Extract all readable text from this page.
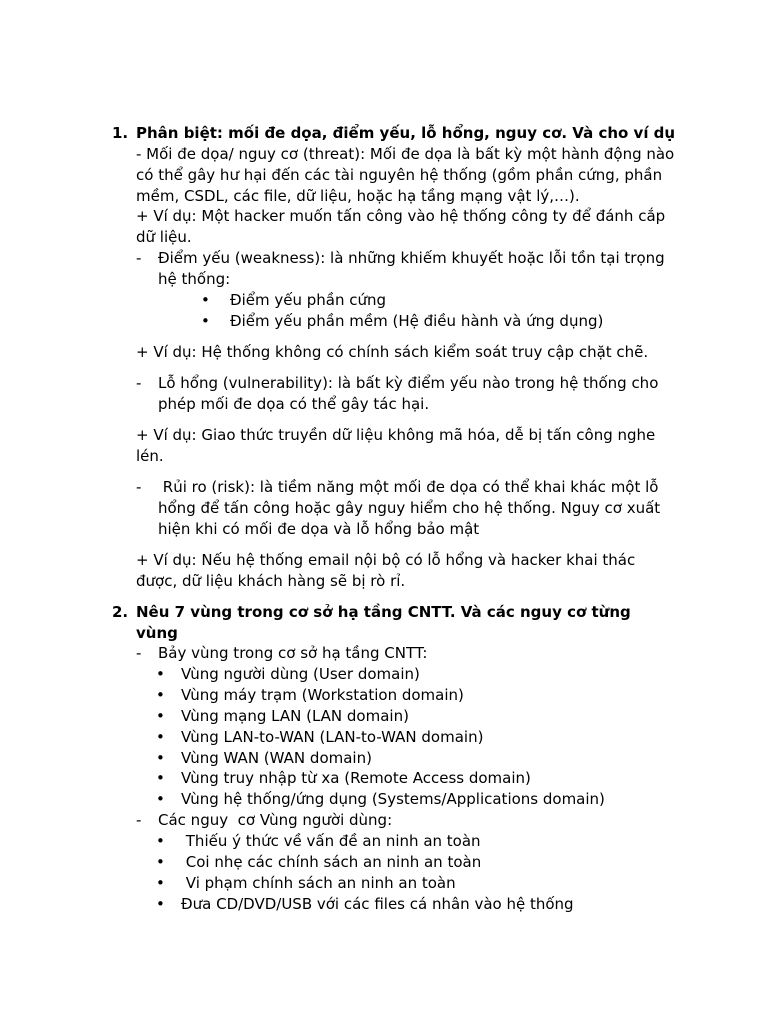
1. Phân biệt: mối đe dọa, điểm yếu, lỗ hổng, nguy cơ. Và cho ví dụ
- Mối đe dọa/ nguy cơ (threat): Mối đe dọa là bất kỳ một hành động nào
có thể gây hư hại đến các tài nguyên hệ thống (gồm phần cứng, phần
mềm, CSDL, các file, dữ liệu, hoặc hạ tầng mạng vật lý,…).
+ Ví dụ: Một hacker muốn tấn công vào hệ thống công ty để đánh cắp
dữ liệu.
- Điểm yếu (weakness): là những khiếm khuyết hoặc lỗi tồn tại trọng
hệ thống:
• Điểm yếu phần cứng
• Điểm yếu phần mềm (Hệ điều hành và ứng dụng)
+ Ví dụ: Hệ thống không có chính sách kiểm soát truy cập chặt chẽ.
- Lỗ hổng (vulnerability): là bất kỳ điểm yếu nào trong hệ thống cho
phép mối đe dọa có thể gây tác hại.
+ Ví dụ: Giao thức truyền dữ liệu không mã hóa, dễ bị tấn công nghe
lén.
- Rủi ro (risk): là tiềm năng một mối đe dọa có thể khai khác một lỗ
hổng để tấn công hoặc gây nguy hiểm cho hệ thống. Nguy cơ xuất
hiện khi có mối đe dọa và lỗ hổng bảo mật
+ Ví dụ: Nếu hệ thống email nội bộ có lỗ hổng và hacker khai thác
được, dữ liệu khách hàng sẽ bị rò rỉ.
2. Nêu 7 vùng trong cơ sở hạ tầng CNTT. Và các nguy cơ từng
vùng
- Bảy vùng trong cơ sở hạ tầng CNTT:
• Vùng người dùng (User domain)
• Vùng máy trạm (Workstation domain)
• Vùng mạng LAN (LAN domain)
• Vùng LAN-to-WAN (LAN-to-WAN domain)
• Vùng WAN (WAN domain)
• Vùng truy nhập từ xa (Remote Access domain)
• Vùng hệ thống/ứng dụng (Systems/Applications domain)
- Các nguy  cơ Vùng người dùng:
• Thiếu ý thức về vấn đề an ninh an toàn
• Coi nhẹ các chính sách an ninh an toàn
• Vi phạm chính sách an ninh an toàn
• Đưa CD/DVD/USB với các files cá nhân vào hệ thống
